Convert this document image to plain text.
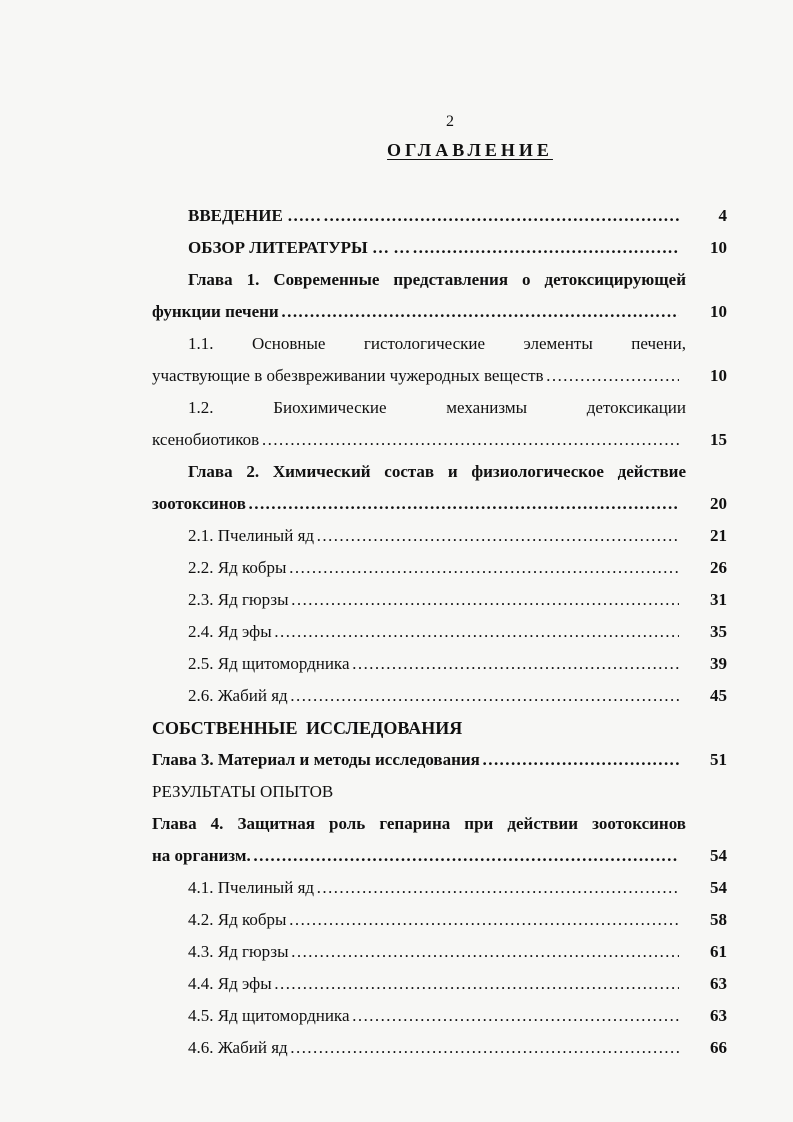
2
ОГЛАВЛЕНИЕ
ВВЕДЕНИЕ …… ……………………………………………………………………………………………………………………………………………………………………	4
ОБЗОР ЛИТЕРАТУРЫ … … ……………………………………………………………………………………………………………………………………………………………………	10
Глава 1. Современные представления о детоксицирующей
функции печени ……………………………………………………………………………………………………………………………………………………………………	10
1.1. Основные гистологические элементы печени,
участвующие в обезвреживании чужеродных веществ ……………………………………………………………………………………………………………………………………………………………………	10
1.2. Биохимические механизмы детоксикации
ксенобиотиков ……………………………………………………………………………………………………………………………………………………………………	15
Глава 2. Химический состав и физиологическое действие
зоотоксинов ……………………………………………………………………………………………………………………………………………………………………	20
2.1. Пчелиный яд ……………………………………………………………………………………………………………………………………………………………………	21
2.2. Яд кобры ……………………………………………………………………………………………………………………………………………………………………	26
2.3. Яд гюрзы ……………………………………………………………………………………………………………………………………………………………………	31
2.4. Яд эфы ……………………………………………………………………………………………………………………………………………………………………	35
2.5. Яд щитомордника ……………………………………………………………………………………………………………………………………………………………………	39
2.6. Жабий яд ……………………………………………………………………………………………………………………………………………………………………	45
СОБСТВЕННЫЕ ИССЛЕДОВАНИЯ
Глава 3. Материал и методы исследования ……………………………………………………………………………………………………………………………………………………………………	51
РЕЗУЛЬТАТЫ ОПЫТОВ
Глава 4. Защитная роль гепарина при действии зоотоксинов
на организм. ……………………………………………………………………………………………………………………………………………………………………	54
4.1. Пчелиный яд ……………………………………………………………………………………………………………………………………………………………………	54
4.2. Яд кобры ……………………………………………………………………………………………………………………………………………………………………	58
4.3. Яд гюрзы ……………………………………………………………………………………………………………………………………………………………………	61
4.4. Яд эфы ……………………………………………………………………………………………………………………………………………………………………	63
4.5. Яд щитомордника ……………………………………………………………………………………………………………………………………………………………………	63
4.6. Жабий яд ……………………………………………………………………………………………………………………………………………………………………	66
